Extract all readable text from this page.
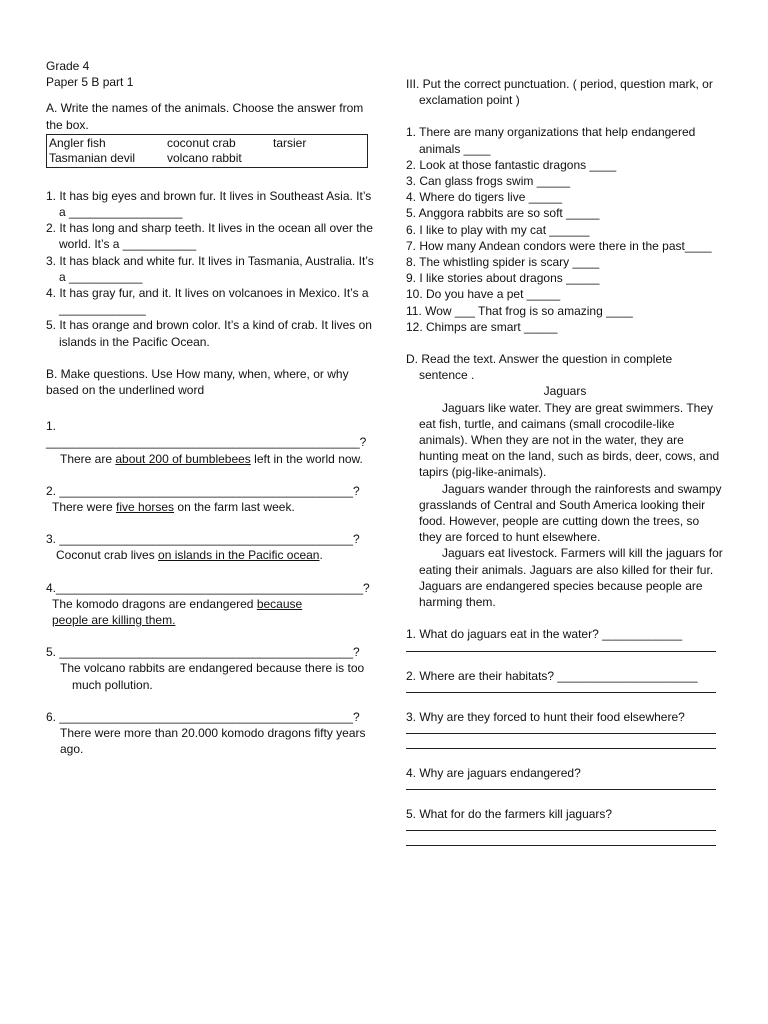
Grade 4

Paper 5 B part 1

A. Write the names of the animals. Choose the answer from the box.

Angler fish	coconut crab	tarsier
Tasmanian devil	volcano rabbit	

1. It has big eyes and brown fur. It lives in Southeast Asia. It’s a _________________

2. It has long and sharp teeth. It lives in the ocean all over the world. It’s a ___________

3. It has black and white fur. It lives in Tasmania, Australia. It’s a ___________

4. It has gray fur, and it. It lives on volcanoes in Mexico. It’s a _____________

5. It has orange and brown color. It’s a kind of crab. It lives on islands in the Pacific Ocean.

B. Make questions. Use How many, when, where, or why based on the underlined word

1.

_______________________________________________?

There are about 200 of bumblebees left in the world now.

2. ____________________________________________?

There were five horses on the farm last week.

3. ____________________________________________?

Coconut crab lives on islands in the Pacific ocean.

4.______________________________________________?

The komodo dragons are endangered because
people are killing them.

5. ____________________________________________?

The volcano rabbits are endangered because there is too much pollution.

6. ____________________________________________?

There were more than 20.000 komodo dragons fifty years ago.

III. Put the correct punctuation. ( period, question mark, or exclamation point )

1. There are many organizations that help endangered animals ____

2. Look at those fantastic dragons ____

3. Can glass frogs swim _____

4. Where do tigers live _____

5. Anggora rabbits are so soft _____

6. I like to play with my cat ______

7. How many Andean condors were there in the past____

8. The whistling spider is scary ____

9. I like stories about dragons _____

10. Do you have a pet _____

11. Wow ___ That frog is so amazing ____

12. Chimps are smart _____

D. Read the text. Answer the question in complete sentence .

Jaguars

Jaguars like water. They are great swimmers. They eat fish, turtle, and caimans (small crocodile-like animals). When they are not in the water, they are hunting meat on the land, such as birds, deer, cows, and tapirs (pig-like-animals).

Jaguars wander through the rainforests and swampy grasslands of Central and South America looking their food. However, people are cutting down the trees, so they are forced to hunt elsewhere.

Jaguars eat livestock. Farmers will kill the jaguars for eating their animals. Jaguars are also killed for their fur. Jaguars are endangered species because people are harming them.

1. What do jaguars eat in the water? ____________

2. Where are their habitats? _____________________

3. Why are they forced to hunt their food elsewhere?

4. Why are jaguars endangered?

5. What for do the farmers kill jaguars?
